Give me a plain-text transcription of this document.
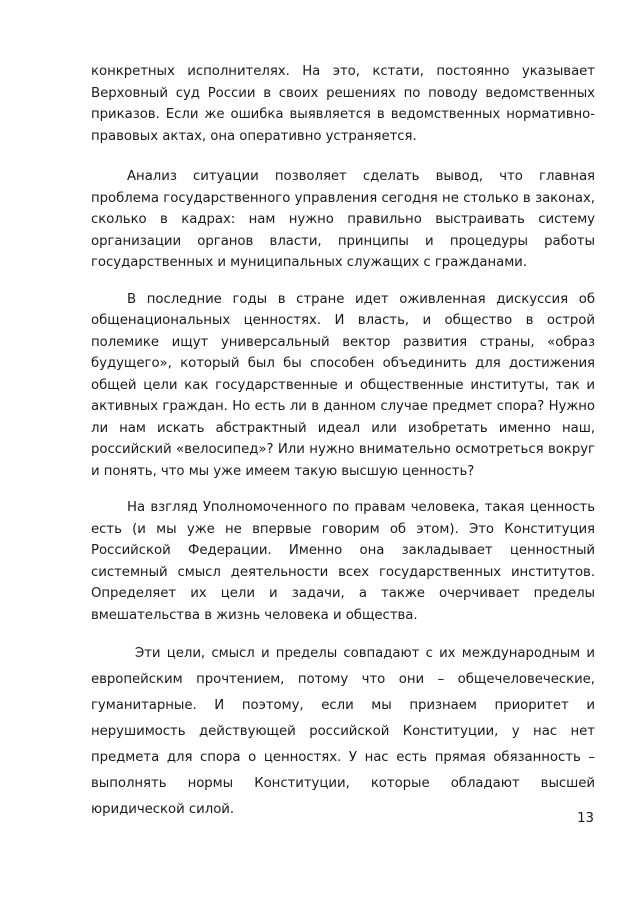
конкретных исполнителях. На это, кстати, постоянно указывает Верховный суд России в своих решениях по поводу ведомственных приказов. Если же ошибка выявляется в ведомственных нормативно-правовых актах, она оперативно устраняется.

Анализ ситуации позволяет сделать вывод, что главная проблема государственного управления сегодня не столько в законах, сколько в кадрах: нам нужно правильно выстраивать систему организации органов власти, принципы и процедуры работы государственных и муниципальных служащих с гражданами.

В последние годы в стране идет оживленная дискуссия об общенациональных ценностях. И власть, и общество в острой полемике ищут универсальный вектор развития страны, «образ будущего», который был бы способен объединить для достижения общей цели как государственные и общественные институты, так и активных граждан. Но есть ли в данном случае предмет спора? Нужно ли нам искать абстрактный идеал или изобретать именно наш, российский «велосипед»? Или нужно внимательно осмотреться вокруг и понять, что мы уже имеем такую высшую ценность?

На взгляд Уполномоченного по правам человека, такая ценность есть (и мы уже не впервые говорим об этом). Это Конституция Российской Федерации. Именно она закладывает ценностный системный смысл деятельности всех государственных институтов. Определяет их цели и задачи, а также очерчивает пределы вмешательства в жизнь человека и общества.

Эти цели, смысл и пределы совпадают с их международным и европейским прочтением, потому что они – общечеловеческие, гуманитарные. И поэтому, если мы признаем приоритет и нерушимость действующей российской Конституции, у нас нет предмета для спора о ценностях. У нас есть прямая обязанность – выполнять нормы Конституции, которые обладают высшей юридической силой.

13
